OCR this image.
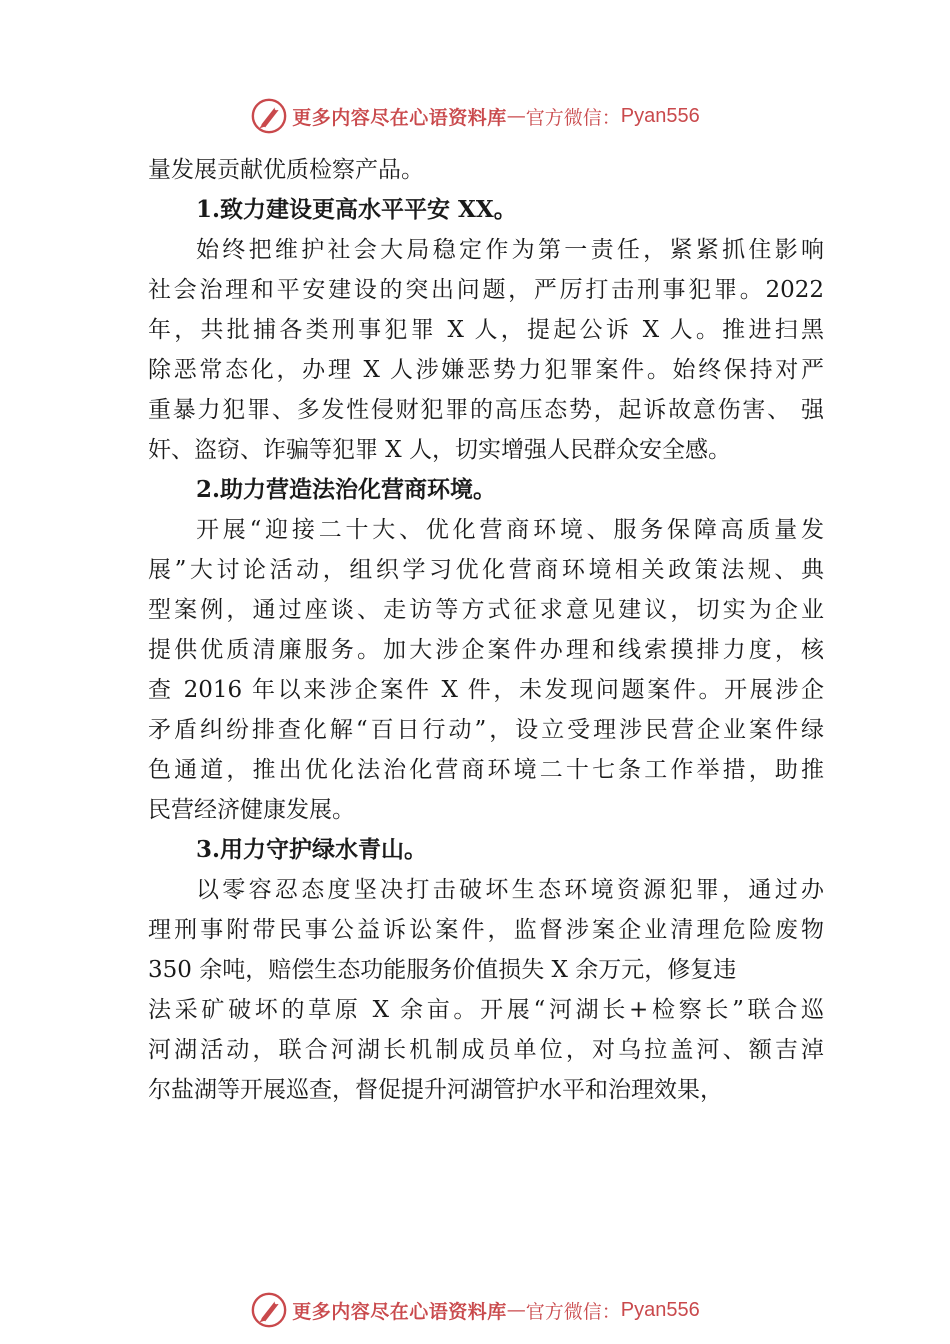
更多内容尽在心语资料库 — 官方微信： Pyan556
量发展贡献优质检察产品。
1.致力建设更高水平平安 XX。
始终把维护社会大局稳定作为第一责任，紧紧抓住影响
社会治理和平安建设的突出问题，严厉打击刑事犯罪。2022
年，共批捕各类刑事犯罪 X 人，提起公诉 X 人。推进扫黑
除恶常态化，办理 X 人涉嫌恶势力犯罪案件。始终保持对严
重暴力犯罪、多发性侵财犯罪的高压态势，起诉故意伤害、 强
奸、盗窃、诈骗等犯罪 X 人，切实增强人民群众安全感。
2.助力营造法治化营商环境。
开展“迎接二十大、优化营商环境、服务保障高质量发
展”大讨论活动，组织学习优化营商环境相关政策法规、典
型案例，通过座谈、走访等方式征求意见建议，切实为企业
提供优质清廉服务。加大涉企案件办理和线索摸排力度，核
查 2016 年以来涉企案件 X 件，未发现问题案件。开展涉企
矛盾纠纷排查化解“百日行动”，设立受理涉民营企业案件绿
色通道，推出优化法治化营商环境二十七条工作举措，助推
民营经济健康发展。
3.用力守护绿水青山。
以零容忍态度坚决打击破坏生态环境资源犯罪，通过办
理刑事附带民事公益诉讼案件，监督涉案企业清理危险废物
350 余吨，赔偿生态功能服务价值损失 X 余万元，修复违
法采矿破坏的草原 X 余亩。开展“河湖长+检察长”联合巡
河湖活动，联合河湖长机制成员单位，对乌拉盖河、额吉淖
尔盐湖等开展巡查，督促提升河湖管护水平和治理效果，
更多内容尽在心语资料库 — 官方微信： Pyan556
